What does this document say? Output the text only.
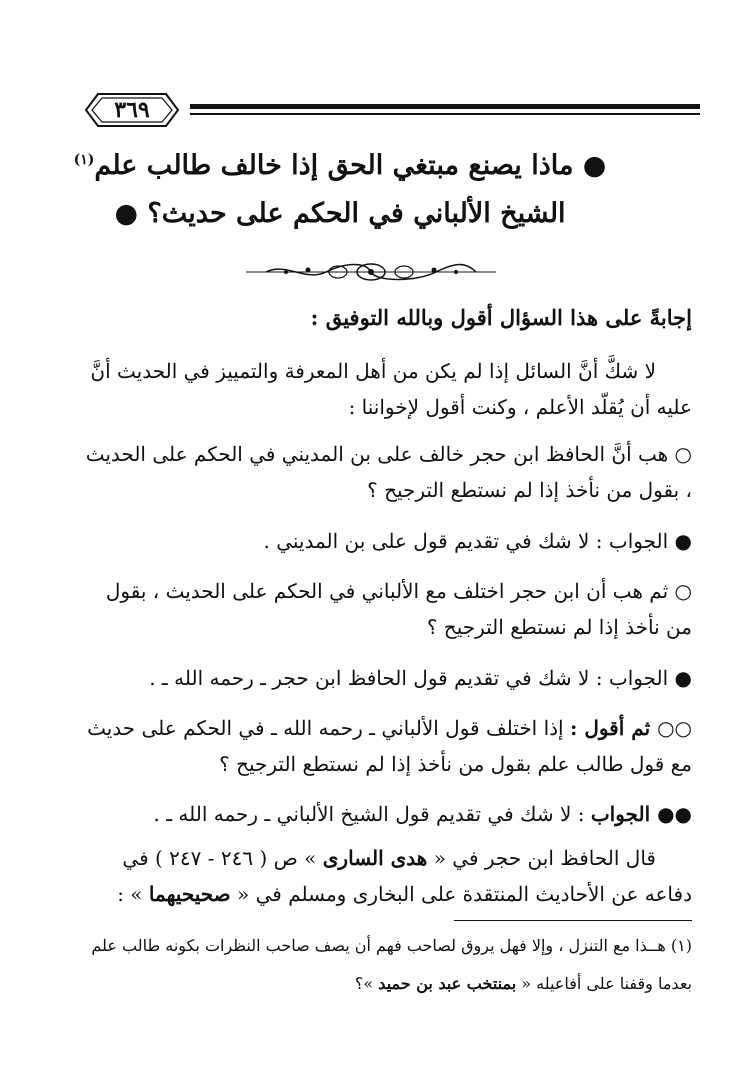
٣٦٩
● ماذا يصنع مبتغي الحق إذا خالف طالب علم$^{(١)}$
الشيخ الألباني في الحكم على حديث؟ ●
إجابةً على هذا السؤال أقول وبالله التوفيق :
لا شكَّ أنَّ السائل إذا لم يكن من أهل المعرفة والتمييز في الحديث أنَّ عليه أن يُقلّد الأعلم ، وكنت أقول لإخواننا :
○ هب أنَّ الحافظ ابن حجر خالف على بن المديني في الحكم على الحديث ، بقول من نأخذ إذا لم نستطع الترجيح ؟
● الجواب : لا شك في تقديم قول على بن المديني .
○ ثم هب أن ابن حجر اختلف مع الألباني في الحكم على الحديث ، بقول من نأخذ إذا لم نستطع الترجيح ؟
● الجواب : لا شك في تقديم قول الحافظ ابن حجر ـ رحمه الله ـ .
○○ ثم أقول : إذا اختلف قول الألباني ـ رحمه الله ـ في الحكم على حديث مع قول طالب علم بقول من نأخذ إذا لم نستطع الترجيح ؟
●● الجواب : لا شك في تقديم قول الشيخ الألباني ـ رحمه الله ـ .
قال الحافظ ابن حجر في « هدى السارى » ص ( ٢٤٦ - ٢٤٧ ) في دفاعه عن الأحاديث المنتقدة على البخارى ومسلم في « صحيحيهما » :
(١) هــذا مع التنزل ، وإلا فهل يروق لصاحب فهم أن يصف صاحب النظرات بكونه طالب علم بعدما وقفنا على أفاعيله « بمنتخب عبد بن حميد »؟
